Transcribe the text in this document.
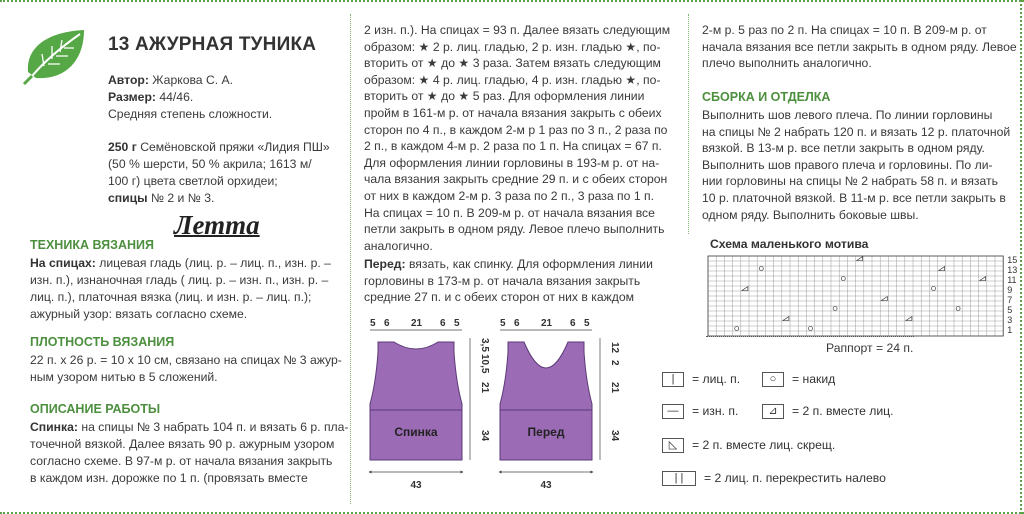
13 АЖУРНАЯ ТУНИКА
Автор: Жаркова С. А.
Размер: 44/46.
Средняя степень сложности.
250 г Семёновской пряжи «Лидия ПШ»
(50 % шерсти, 50 % акрила; 1613 м/
100 г) цвета светлой орхидеи;
спицы № 2 и № 3.
Летта
ТЕХНИКА ВЯЗАНИЯ
На спицах: лицевая гладь (лиц. р. – лиц. п., изн. р. –
изн. п.), изнаночная гладь ( лиц. р. – изн. п., изн. р. –
лиц. п.), платочная вязка (лиц. и изн. р. – лиц. п.);
ажурный узор: вязать согласно схеме.
ПЛОТНОСТЬ ВЯЗАНИЯ
22 п. х 26 р. = 10 х 10 см, связано на спицах № 3 ажур-
ным узором нитью в 5 сложений.
ОПИСАНИЕ РАБОТЫ
Спинка: на спицы № 3 набрать 104 п. и вязать 6 р. пла-
точечной вязкой. Далее вязать 90 р. ажурным узором
согласно схеме. В 97-м р. от начала вязания закрыть
в каждом изн. дорожке по 1 п. (провязать вместе
2 изн. п.). На спицах = 93 п. Далее вязать следующим
образом: ★ 2 р. лиц. гладью, 2 р. изн. гладью ★, по-
вторить от ★ до ★ 3 раза. Затем вязать следующим
образом: ★ 4 р. лиц. гладью, 4 р. изн. гладью ★, по-
вторить от ★ до ★ 5 раз. Для оформления линии
пройм в 161-м р. от начала вязания закрыть с обеих
сторон по 4 п., в каждом 2-м р 1 раз по 3 п., 2 раза по
2 п., в каждом 4-м р. 2 раза по 1 п. На спицах = 67 п.
Для оформления линии горловины в 193-м р. от на-
чала вязания закрыть средние 29 п. и с обеих сторон
от них в каждом 2-м р. 3 раза по 2 п., 3 раза по 1 п.
На спицах = 10 п. В 209-м р. от начала вязания все
петли закрыть в одном ряду. Левое плечо выполнить
аналогично.
Перед: вязать, как спинку. Для оформления линии
горловины в 173-м р. от начала вязания закрыть
средние 27 п. и с обеих сторон от них в каждом
Спинка	Перед
5 6 21 6 5	5 6 21 6 5
3,5
10,5
21
34
12
2
21
34
43	43
2-м р. 5 раз по 2 п. На спицах = 10 п. В 209-м р. от
начала вязания все петли закрыть в одном ряду. Левое
плечо выполнить аналогично.
СБОРКА И ОТДЕЛКА
Выполнить шов левого плеча. По линии горловины
на спицы № 2 набрать 120 п. и вязать 12 р. платочной
вязкой. В 13-м р. все петли закрыть в одном ряду.
Выполнить шов правого плеча и горловины. По ли-
нии горловины на спицы № 2 набрать 58 п. и вязать
10 р. платочной вязкой. В 11-м р. все петли закрыть в
одном ряду. Выполнить боковые швы.
Схема маленького мотива
15
13
11
9
7
5
3
1
Раппорт = 24 п.
|	= лиц. п.	○	= накид
—	= изн. п.	⊿	= 2 п. вместе лиц.
◺	= 2 п. вместе лиц. скрещ.
| |	= 2 лиц. п. перекрестить налево
